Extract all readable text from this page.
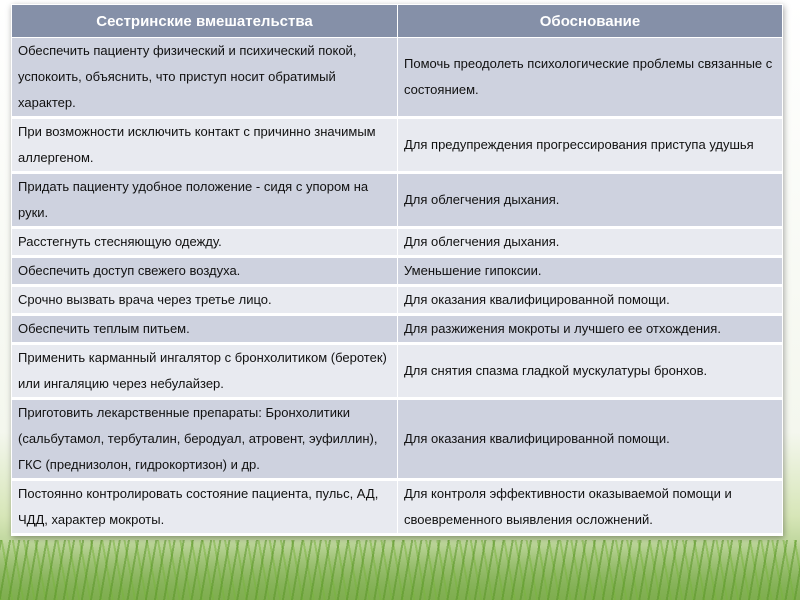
Сестринские вмешательства	Обоснование
Обеспечить пациенту физический и психический покой, успокоить, объяснить, что приступ носит обратимый характер.	Помочь преодолеть психологические проблемы связанные с состоянием.
При возможности исключить контакт с причинно значимым аллергеном.	Для предупреждения прогрессирования приступа удушья
Придать пациенту удобное положение - сидя с упором на руки.	Для облегчения дыхания.
Расстегнуть стесняющую одежду.	Для облегчения дыхания.
Обеспечить доступ свежего воздуха.	Уменьшение гипоксии.
Срочно вызвать врача через третье лицо.	Для оказания квалифицированной помощи.
Обеспечить теплым питьем.	Для разжижения мокроты и лучшего ее отхождения.
Применить карманный ингалятор с бронхолитиком (беротек) или ингаляцию через небулайзер.	Для снятия спазма гладкой мускулатуры бронхов.
Приготовить лекарственные препараты: Бронхолитики (сальбутамол, тербуталин, беродуал, атровент, эуфиллин), ГКС (преднизолон, гидрокортизон) и др.	Для оказания квалифицированной помощи.
Постоянно контролировать состояние пациента, пульс, АД, ЧДД, характер мокроты.	Для контроля эффективности оказываемой помощи и своевременного выявления осложнений.
